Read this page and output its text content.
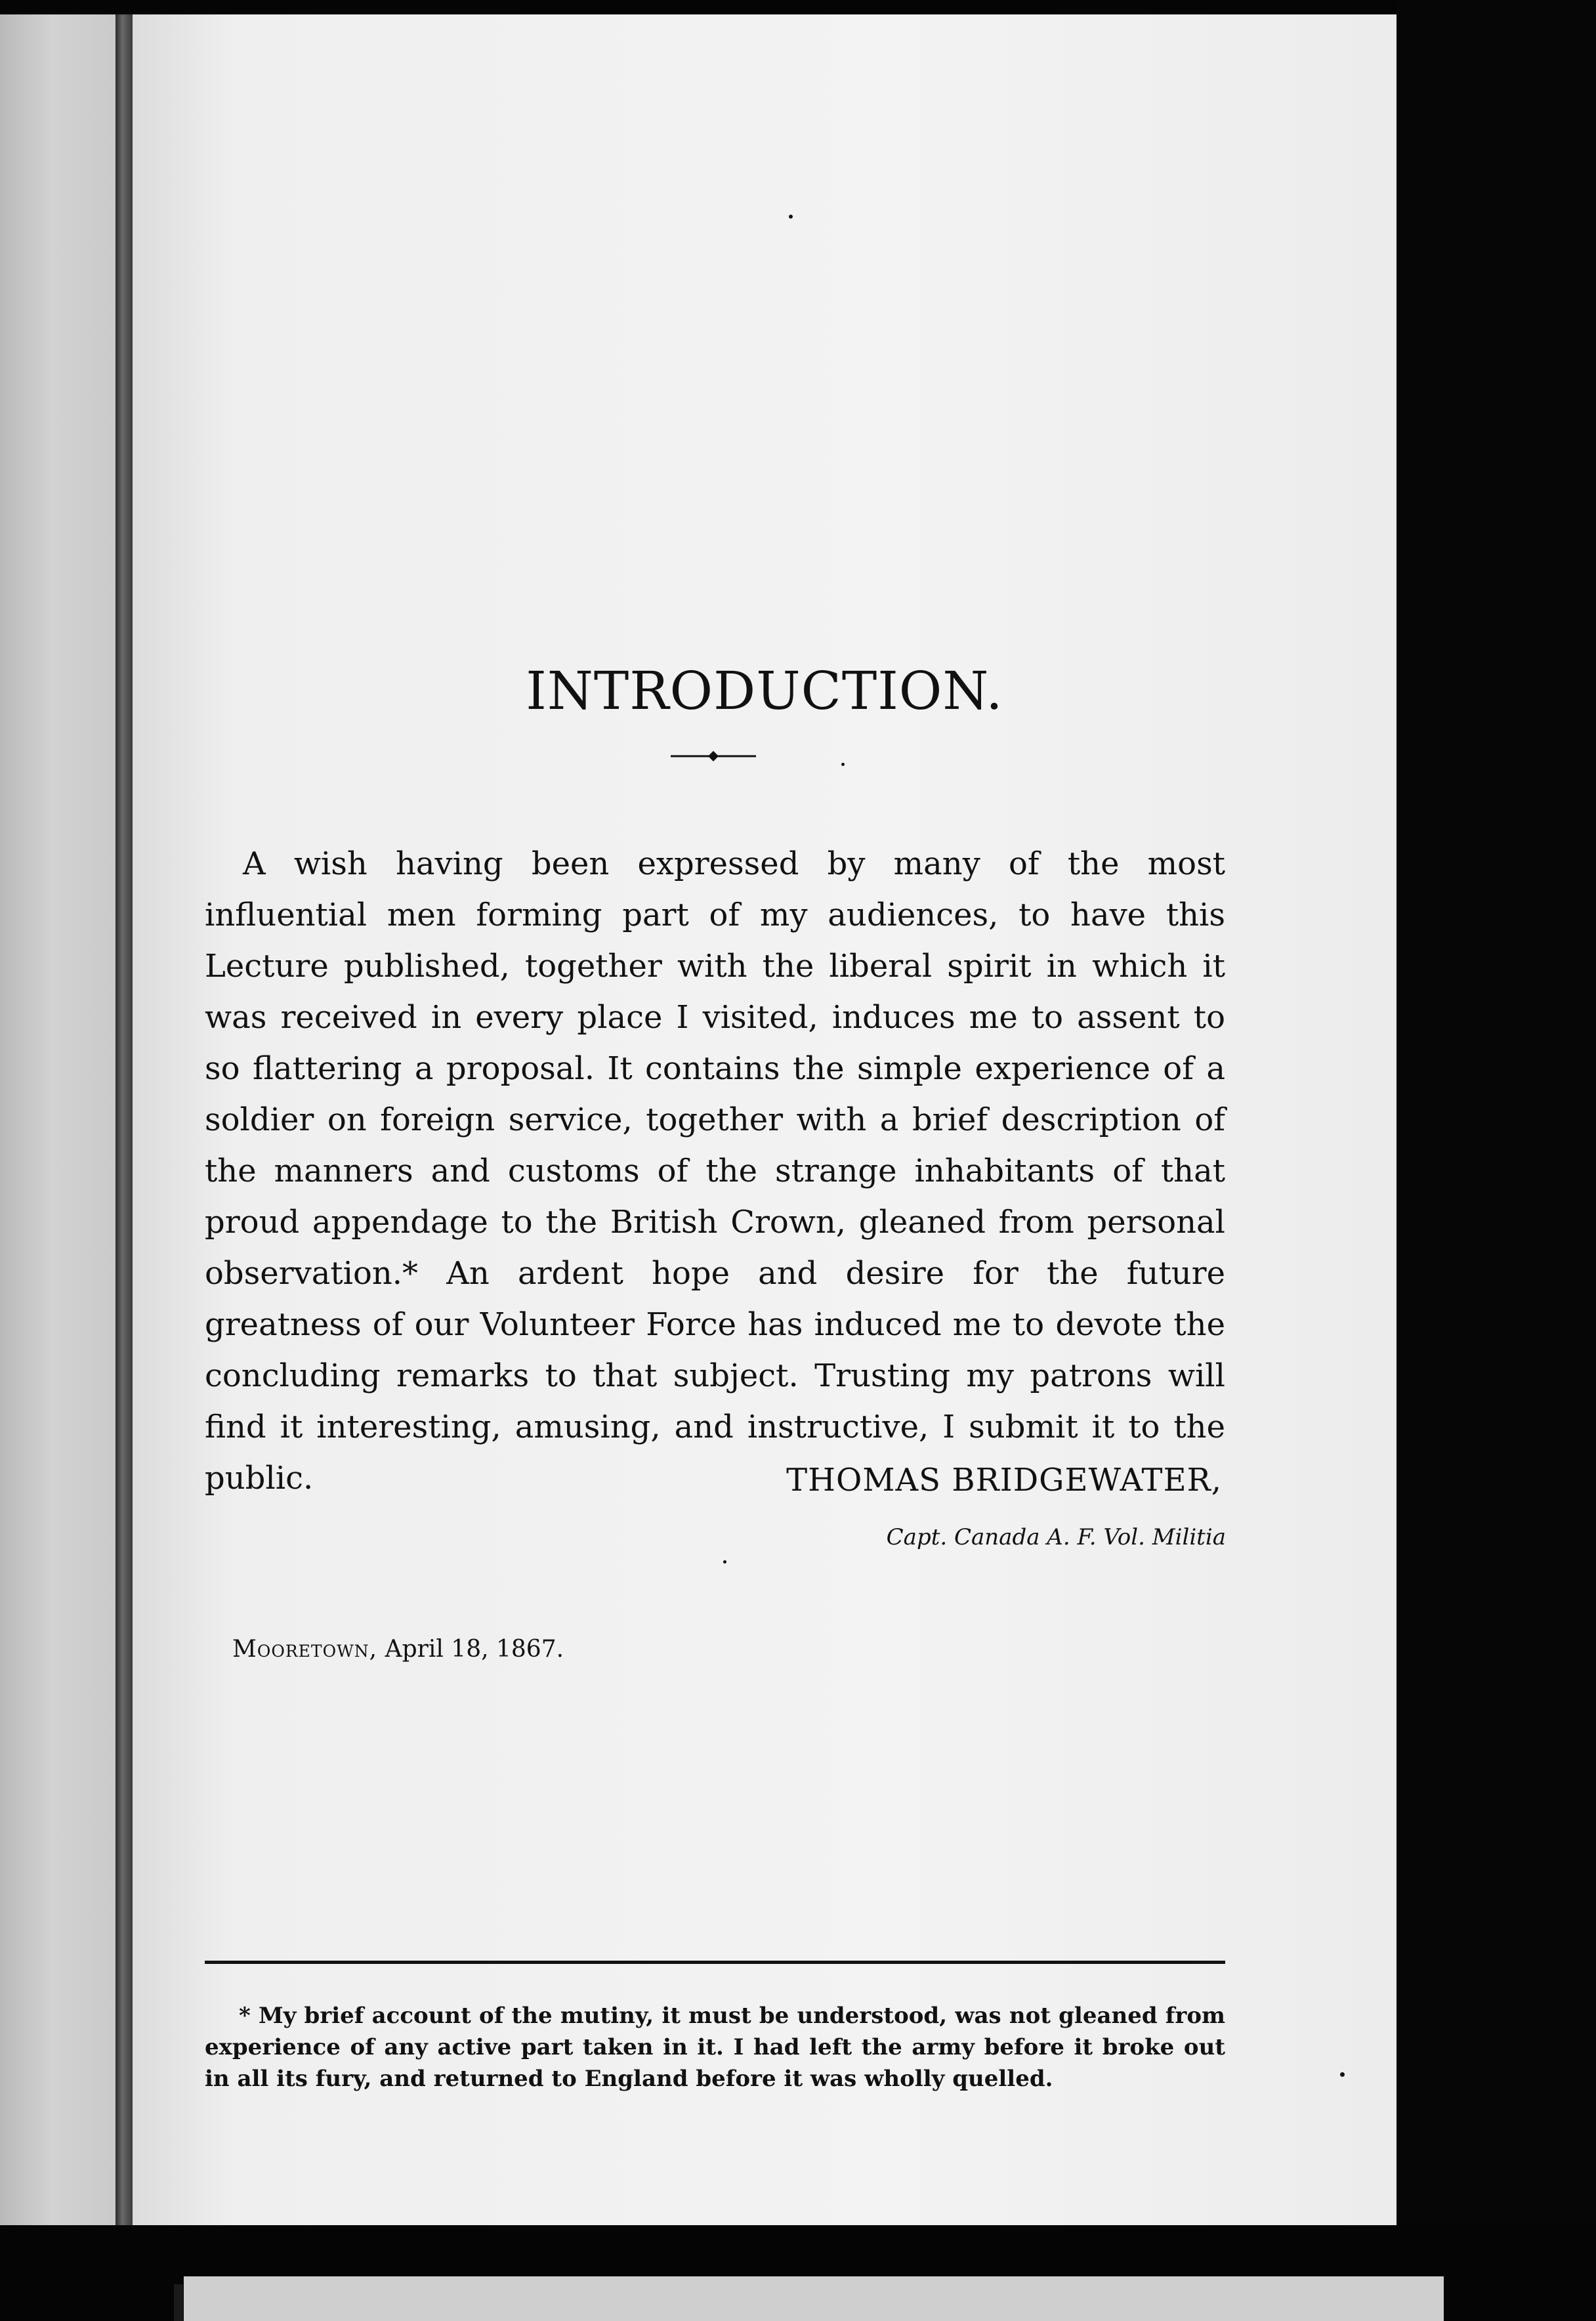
INTRODUCTION.

A wish having been expressed by many of the most influential men forming part of my audiences, to have this Lecture published, together with the liberal spirit in which it was received in every place I visited, induces me to assent to so flattering a proposal. It contains the simple experience of a soldier on foreign service, together with a brief description of the manners and customs of the strange inhabitants of that proud appendage to the British Crown, gleaned from personal observation.* An ardent hope and desire for the future greatness of our Volunteer Force has induced me to devote the concluding remarks to that subject. Trusting my patrons will find it interesting, amusing, and instructive, I submit it to the public.	THOMAS BRIDGEWATER,
Capt. Canada A. F. Vol. Militia
Mooretown, April 18, 1867.

* My brief account of the mutiny, it must be understood, was not gleaned from experience of any active part taken in it. I had left the army before it broke out in all its fury, and returned to England before it was wholly quelled.
